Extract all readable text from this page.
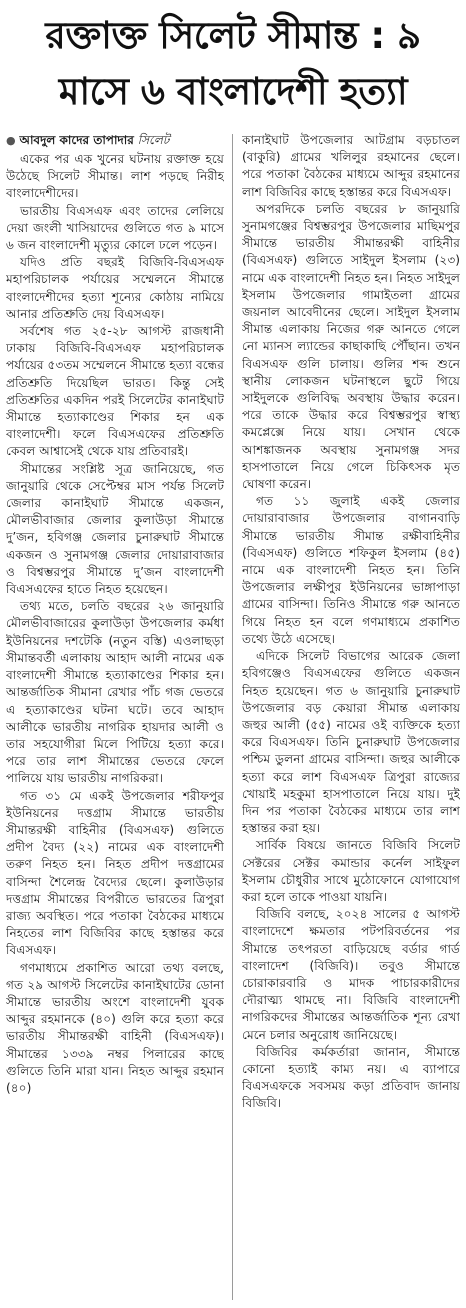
রক্তাক্ত সিলেট সীমান্ত : ৯
মাসে ৬ বাংলাদেশী হত্যা
● আবদুল কাদের তাপাদার সিলেট

একের পর এক খুনের ঘটনায় রক্তাক্ত হয়ে উঠেছে সিলেট সীমান্ত। লাশ পড়ছে নিরীহ বাংলাদেশীদের।

ভারতীয় বিএসএফ এবং তাদের লেলিয়ে দেয়া জংলী খাসিয়াদের গুলিতে গত ৯ মাসে ৬ জন বাংলাদেশী মৃত্যুর কোলে ঢলে পড়েন।

যদিও প্রতি বছরই বিজিবি-বিএসএফ মহাপরিচালক পর্যায়ের সম্মেলনে সীমান্তে বাংলাদেশীদের হত্যা শূন্যের কোঠায় নামিয়ে আনার প্রতিশ্রুতি দেয় বিএসএফ।

সর্বশেষ গত ২৫-২৮ আগস্ট রাজধানী ঢাকায় বিজিবি-বিএসএফ মহাপরিচালক পর্যায়ের ৫৩তম সম্মেলনে সীমান্তে হত্যা বন্ধের প্রতিশ্রুতি দিয়েছিল ভারত। কিন্তু সেই প্রতিশ্রুতির একদিন পরই সিলেটের কানাইঘাট সীমান্তে হত্যাকাণ্ডের শিকার হন এক বাংলাদেশী। ফলে বিএসএফের প্রতিশ্রুতি কেবল আশ্বাসেই থেকে যায় প্রতিবারই।

সীমান্তের সংশ্লিষ্ট সূত্র জানিয়েছে, গত জানুয়ারি থেকে সেপ্টেম্বর মাস পর্যন্ত সিলেট জেলার কানাইঘাট সীমান্তে একজন, মৌলভীবাজার জেলার কুলাউড়া সীমান্তে দু’জন, হবিগঞ্জ জেলার চুনারুঘাট সীমান্তে একজন ও সুনামগঞ্জ জেলার দোয়ারাবাজার ও বিশ্বম্ভরপুর সীমান্তে দু’জন বাংলাদেশী বিএসএফের হাতে নিহত হয়েছেন।

তথ্য মতে, চলতি বছরের ২৬ জানুয়ারি মৌলভীবাজারের কুলাউড়া উপজেলার কর্মধা ইউনিয়নের দশটেকি (নতুন বস্তি) এওলাছড়া সীমান্তবর্তী এলাকায় আহাদ আলী নামের এক বাংলাদেশী সীমান্তে হত্যাকাণ্ডের শিকার হন। আন্তর্জাতিক সীমানা রেখার পাঁচ গজ ভেতরে এ হত্যাকাণ্ডের ঘটনা ঘটে। তবে আহাদ আলীকে ভারতীয় নাগরিক হায়দার আলী ও তার সহযোগীরা মিলে পিটিয়ে হত্যা করে। পরে তার লাশ সীমান্তের ভেতরে ফেলে পালিয়ে যায় ভারতীয় নাগরিকরা।

গত ৩১ মে একই উপজেলার শরীফপুর ইউনিয়নের দত্তগ্রাম সীমান্তে ভারতীয় সীমান্তরক্ষী বাহিনীর (বিএসএফ) গুলিতে প্রদীপ বৈদ্য (২২) নামের এক বাংলাদেশী তরুণ নিহত হন। নিহত প্রদীপ দত্তগ্রামের বাসিন্দা শৈলেন্দ্র বৈদ্যের ছেলে। কুলাউড়ার দত্তগ্রাম সীমান্তের বিপরীতে ভারতের ত্রিপুরা রাজ্য অবস্থিত। পরে পতাকা বৈঠকের মাধ্যমে নিহতের লাশ বিজিবির কাছে হস্তান্তর করে বিএসএফ।

গণমাধ্যমে প্রকাশিত আরো তথ্য বলছে, গত ২৯ আগস্ট সিলেটের কানাইঘাটের ডোনা সীমান্তে ভারতীয় অংশে বাংলাদেশী যুবক আব্দুর রহমানকে (৪০) গুলি করে হত্যা করে ভারতীয় সীমান্তরক্ষী বাহিনী (বিএসএফ)। সীমান্তের ১৩৩৯ নম্বর পিলারের কাছে গুলিতে তিনি মারা যান। নিহত আব্দুর রহমান (৪০)

কানাইঘাট উপজেলার আটগ্রাম বড়চাতল (বাকুরি) গ্রামের খলিলুর রহমানের ছেলে। পরে পতাকা বৈঠকের মাধ্যমে আব্দুর রহমানের লাশ বিজিবির কাছে হস্তান্তর করে বিএসএফ।

অপরদিকে চলতি বছরের ৮ জানুয়ারি সুনামগঞ্জের বিশ্বম্ভরপুর উপজেলার মাছিমপুর সীমান্তে ভারতীয় সীমান্তরক্ষী বাহিনীর (বিএসএফ) গুলিতে সাইদুল ইসলাম (২৩) নামে এক বাংলাদেশী নিহত হন। নিহত সাইদুল ইসলাম উপজেলার গামাইতলা গ্রামের জয়নাল আবেদীনের ছেলে। সাইদুল ইসলাম সীমান্ত এলাকায় নিজের গরু আনতে গেলে নো ম্যানস ল্যান্ডের কাছাকাছি পৌঁছান। তখন বিএসএফ গুলি চালায়। গুলির শব্দ শুনে স্থানীয় লোকজন ঘটনাস্থলে ছুটে গিয়ে সাইদুলকে গুলিবিদ্ধ অবস্থায় উদ্ধার করেন। পরে তাকে উদ্ধার করে বিশ্বম্ভরপুর স্বাস্থ্য কমপ্লেক্সে নিয়ে যায়। সেখান থেকে আশঙ্কাজনক অবস্থায় সুনামগঞ্জ সদর হাসপাতালে নিয়ে গেলে চিকিৎসক মৃত ঘোষণা করেন।

গত ১১ জুলাই একই জেলার দোয়ারাবাজার উপজেলার বাগানবাড়ি সীমান্তে ভারতীয় সীমান্ত রক্ষীবাহিনীর (বিএসএফ) গুলিতে শফিকুল ইসলাম (৪৫) নামে এক বাংলাদেশী নিহত হন। তিনি উপজেলার লক্ষীপুর ইউনিয়নের ভাঙ্গাপাড়া গ্রামের বাসিন্দা। তিনিও সীমান্তে গরু আনতে গিয়ে নিহত হন বলে গণমাধ্যমে প্রকাশিত তথ্যে উঠে এসেছে।

এদিকে সিলেট বিভাগের আরেক জেলা হবিগঞ্জেও বিএসএফের গুলিতে একজন নিহত হয়েছেন। গত ৬ জানুয়ারি চুনারুঘাট উপজেলার বড় কেয়ারা সীমান্ত এলাকায় জহুর আলী (৫৫) নামের ওই ব্যক্তিকে হত্যা করে বিএসএফ। তিনি চুনারুঘাট উপজেলার পশ্চিম ডুলনা গ্রামের বাসিন্দা। জহুর আলীকে হত্যা করে লাশ বিএসএফ ত্রিপুরা রাজ্যের খোয়াই মহকুমা হাসপাতালে নিয়ে যায়। দুই দিন পর পতাকা বৈঠকের মাধ্যমে তার লাশ হস্তান্তর করা হয়।

সার্বিক বিষয়ে জানতে বিজিবি সিলেট সেক্টরের সেক্টর কমান্ডার কর্নেল সাইফুল ইসলাম চৌধুরীর সাথে মুঠোফোনে যোগাযোগ করা হলে তাকে পাওয়া যায়নি।

বিজিবি বলছে, ২০২৪ সালের ৫ আগস্ট বাংলাদেশে ক্ষমতার পটপরিবর্তনের পর সীমান্তে তৎপরতা বাড়িয়েছে বর্ডার গার্ড বাংলাদেশ (বিজিবি)। তবুও সীমান্তে চোরাকারবারি ও মাদক পাচারকারীদের দৌরাত্ম্য থামছে না। বিজিবি বাংলাদেশী নাগরিকদের সীমান্তের আন্তর্জাতিক শূন্য রেখা মেনে চলার অনুরোধ জানিয়েছে।

বিজিবির কর্মকর্তারা জানান, সীমান্তে কোনো হত্যাই কাম্য নয়। এ ব্যাপারে বিএসএফকে সবসময় কড়া প্রতিবাদ জানায় বিজিবি।
